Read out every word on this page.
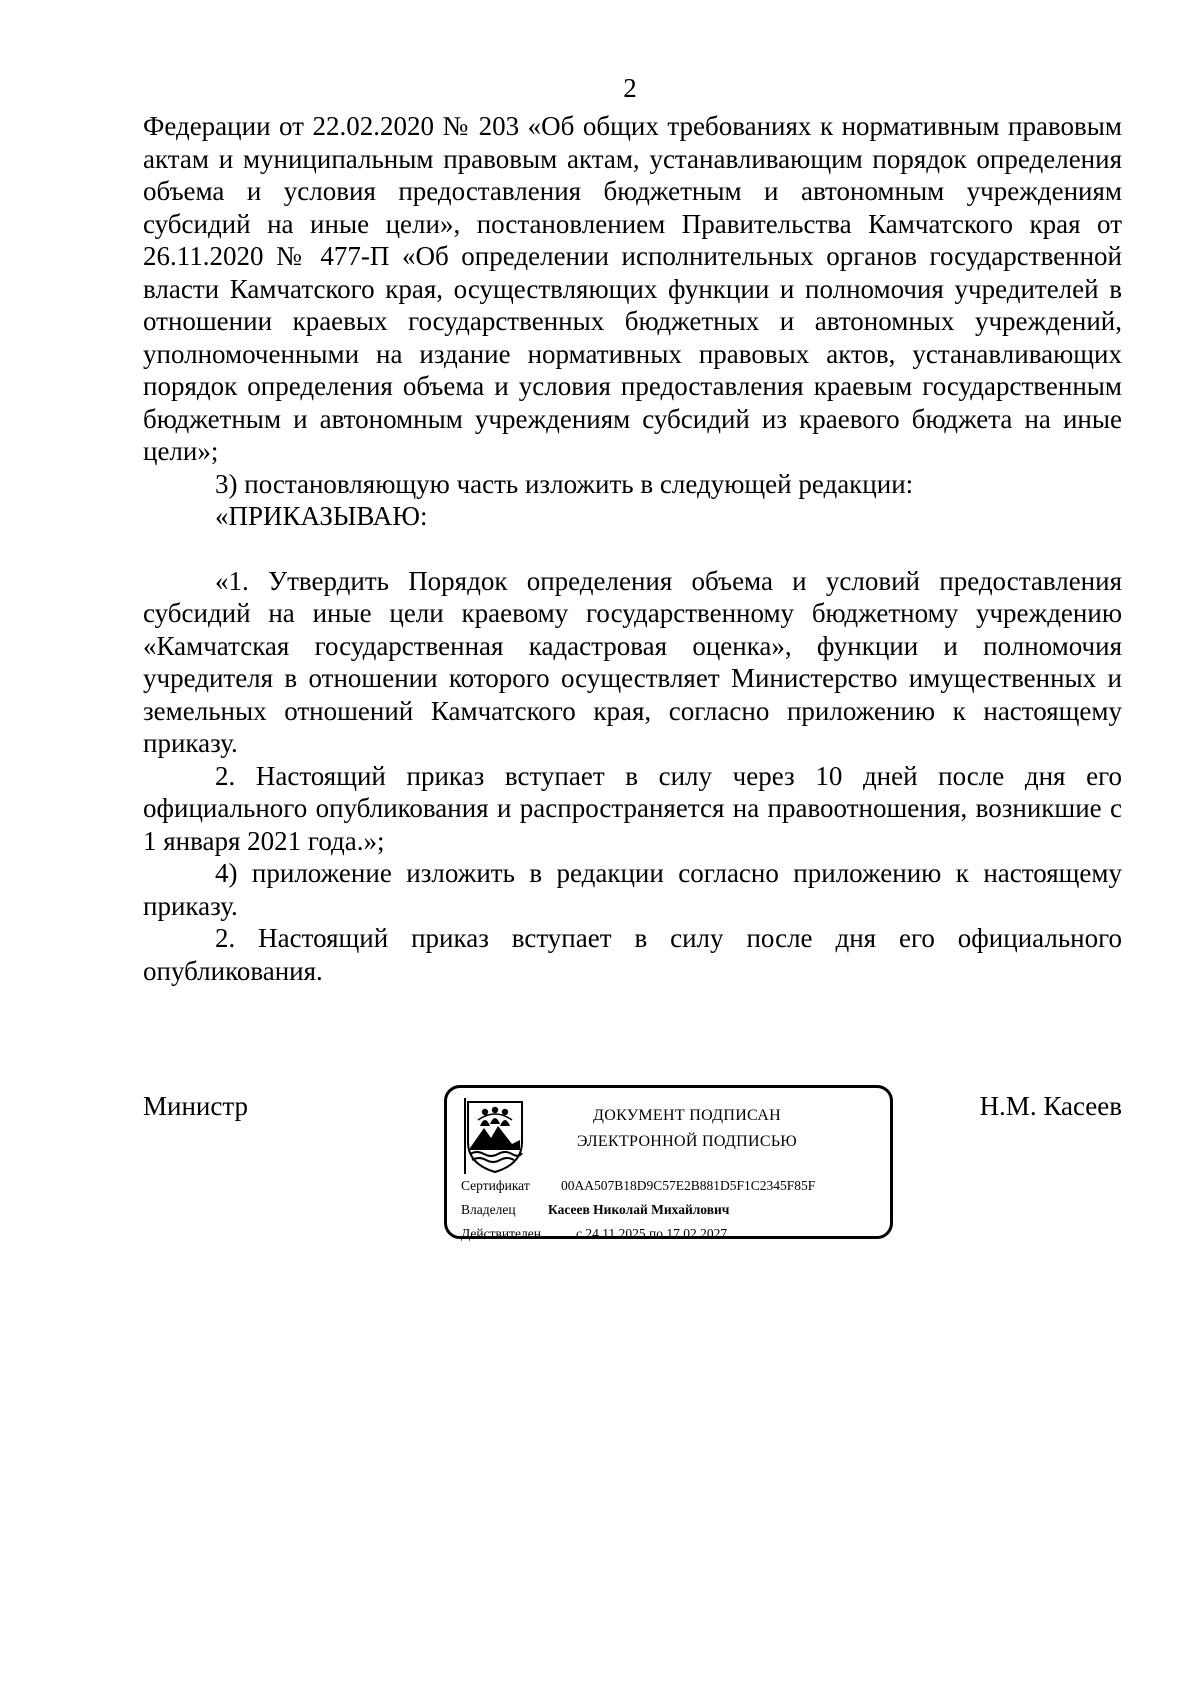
2

Федерации от 22.02.2020 № 203 «Об общих требованиях к нормативным правовым актам и муниципальным правовым актам, устанавливающим порядок определения объема и условия предоставления бюджетным и автономным учреждениям субсидий на иные цели», постановлением Правительства Камчатского края от 26.11.2020 № 477-П «Об определении исполнительных органов государственной власти Камчатского края, осуществляющих функции и полномочия учредителей в отношении краевых государственных бюджетных и автономных учреждений, уполномоченными на издание нормативных правовых актов, устанавливающих порядок определения объема и условия предоставления краевым государственным бюджетным и автономным учреждениям субсидий из краевого бюджета на иные цели»;

3) постановляющую часть изложить в следующей редакции:

«ПРИКАЗЫВАЮ:

«1. Утвердить Порядок определения объема и условий предоставления субсидий на иные цели краевому государственному бюджетному учреждению «Камчатская государственная кадастровая оценка», функции и полномочия учредителя в отношении которого осуществляет Министерство имущественных и земельных отношений Камчатского края, согласно приложению к настоящему приказу.

2. Настоящий приказ вступает в силу через 10 дней после дня его официального опубликования и распространяется на правоотношения, возникшие с 1 января 2021 года.»;

4) приложение изложить в редакции согласно приложению к настоящему приказу.

2. Настоящий приказ вступает в силу после дня его официального опубликования.

Министр	ДОКУМЕНТ ПОДПИСАН
ЭЛЕКТРОННОЙ ПОДПИСЬЮ
Сертификат 00AA507B18D9C57E2B881D5F1C2345F85F
Владелец Касеев Николай Михайлович
Действителен	с 24.11.2025 по 17.02.2027
Н.М. Касеев
